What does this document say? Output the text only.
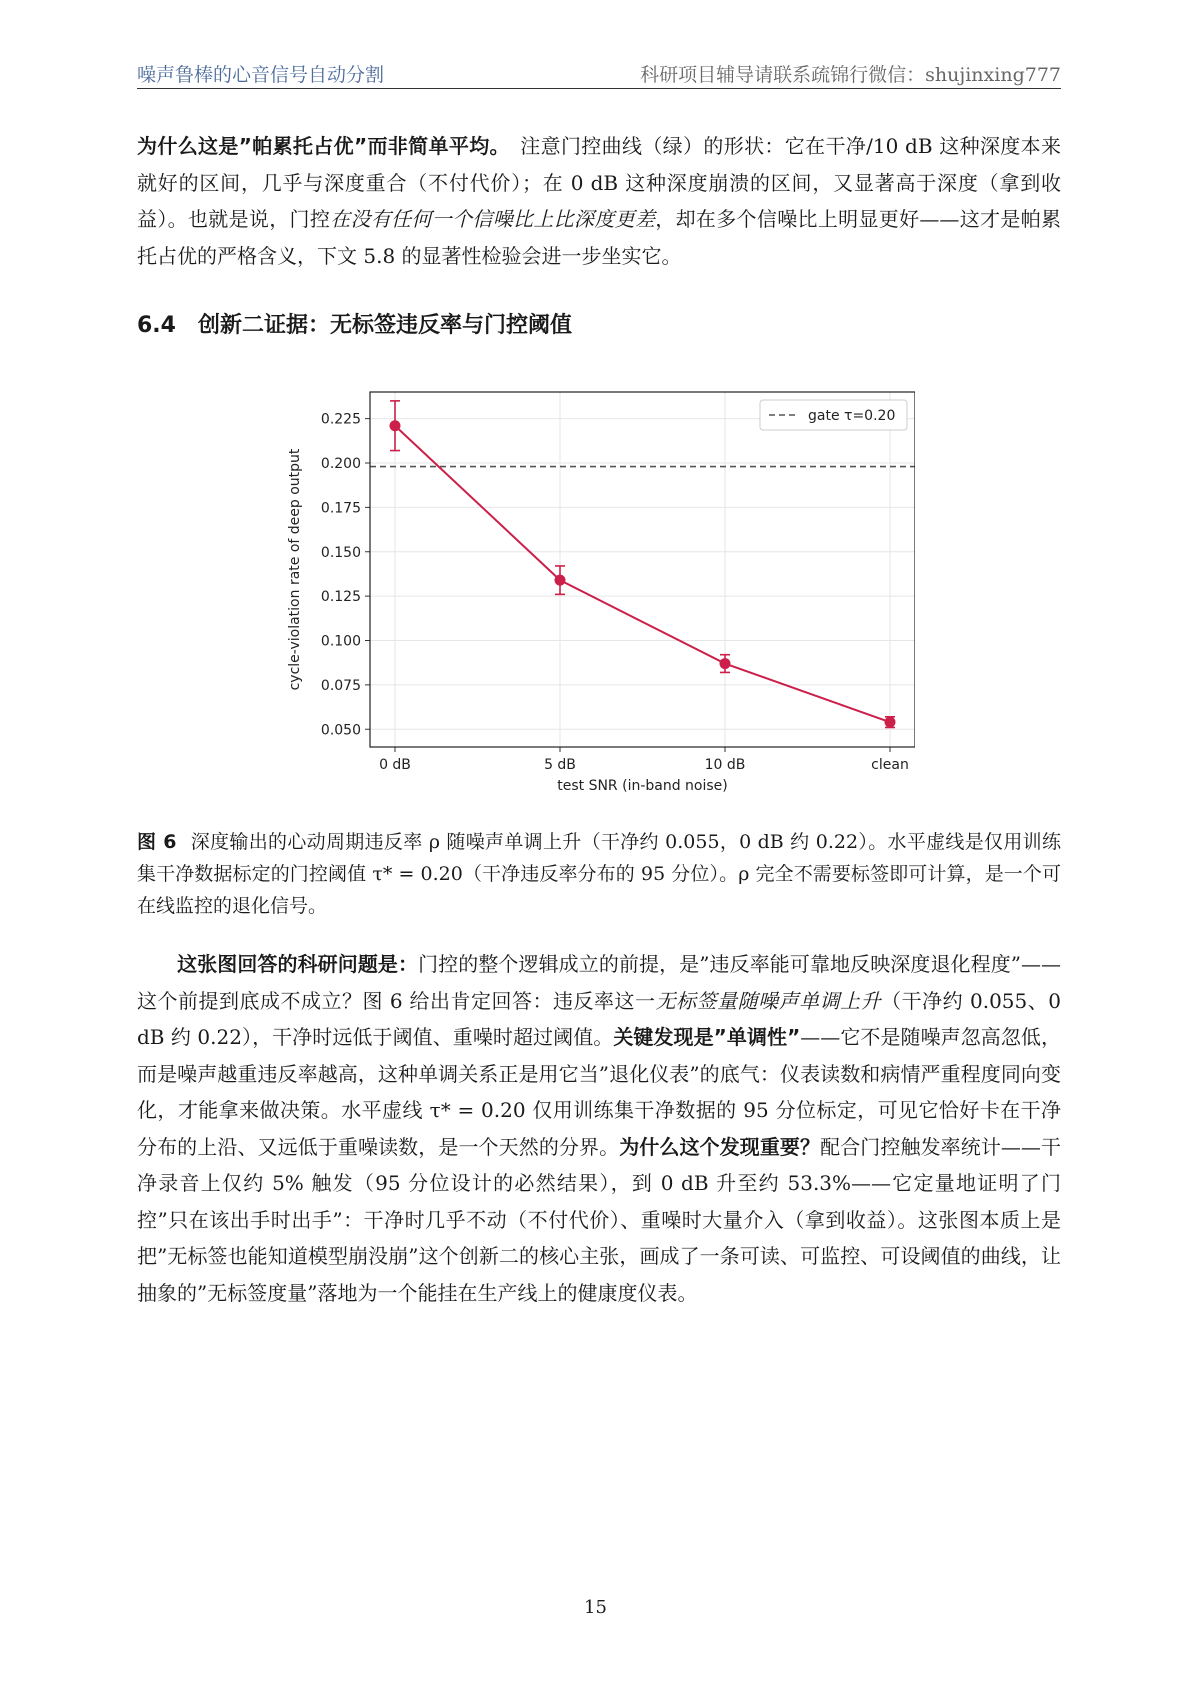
噪声鲁棒的心音信号自动分割	科研项目辅导请联系疏锦行微信：shujinxing777
为什么这是”帕累托占优”而非简单平均。　注意门控曲线（绿）的形状：它在干净/10 dB 这种深度本来就好的区间，几乎与深度重合（不付代价）；在 0 dB 这种深度崩溃的区间，又显著高于深度（拿到收益）。也就是说，门控在没有任何一个信噪比上比深度更差，却在多个信噪比上明显更好——这才是帕累托占优的严格含义，下文 5.8 的显著性检验会进一步坐实它。
6.4 创新二证据：无标签违反率与门控阈值
0.050
0.075
0.100
0.125
0.150
0.175
0.200
0.225
0 dB	5 dB	10 dB	clean
gate τ=0.20
test SNR (in-band noise)
cycle-violation rate of deep output
图 6 深度输出的心动周期违反率 ρ 随噪声单调上升（干净约 0.055，0 dB 约 0.22）。水平虚线是仅用训练集干净数据标定的门控阈值 τ* = 0.20（干净违反率分布的 95 分位）。ρ 完全不需要标签即可计算，是一个可在线监控的退化信号。
这张图回答的科研问题是：门控的整个逻辑成立的前提，是”违反率能可靠地反映深度退化程度”——这个前提到底成不成立？图 6 给出肯定回答：违反率这一无标签量随噪声单调上升（干净约 0.055、0 dB 约 0.22），干净时远低于阈值、重噪时超过阈值。关键发现是”单调性”——它不是随噪声忽高忽低，而是噪声越重违反率越高，这种单调关系正是用它当”退化仪表”的底气：仪表读数和病情严重程度同向变化，才能拿来做决策。水平虚线 τ* = 0.20 仅用训练集干净数据的 95 分位标定，可见它恰好卡在干净分布的上沿、又远低于重噪读数，是一个天然的分界。为什么这个发现重要？配合门控触发率统计——干净录音上仅约 5% 触发（95 分位设计的必然结果），到 0 dB 升至约 53.3%——它定量地证明了门控”只在该出手时出手”：干净时几乎不动（不付代价）、重噪时大量介入（拿到收益）。这张图本质上是把”无标签也能知道模型崩没崩”这个创新二的核心主张，画成了一条可读、可监控、可设阈值的曲线，让抽象的”无标签度量”落地为一个能挂在生产线上的健康度仪表。
15
